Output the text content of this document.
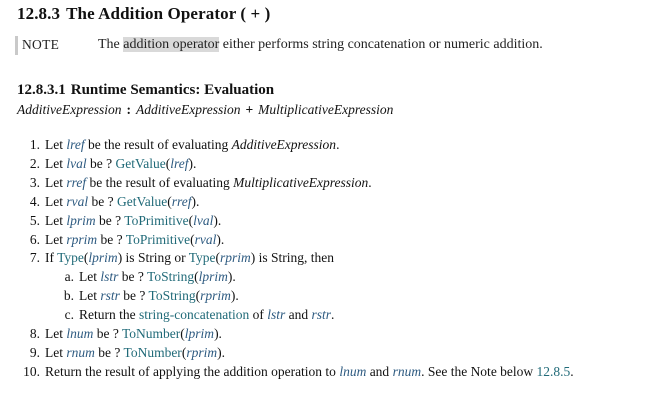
12.8.3 The Addition Operator ( + )
NOTE	The addition operator either performs string concatenation or numeric addition.
12.8.3.1 Runtime Semantics: Evaluation
AdditiveExpression : AdditiveExpression + MultiplicativeExpression
1. Let lref be the result of evaluating AdditiveExpression.
2. Let lval be ? GetValue(lref).
3. Let rref be the result of evaluating MultiplicativeExpression.
4. Let rval be ? GetValue(rref).
5. Let lprim be ? ToPrimitive(lval).
6. Let rprim be ? ToPrimitive(rval).
7. If Type(lprim) is String or Type(rprim) is String, then
a. Let lstr be ? ToString(lprim).
b. Let rstr be ? ToString(rprim).
c. Return the string-concatenation of lstr and rstr.
8. Let lnum be ? ToNumber(lprim).
9. Let rnum be ? ToNumber(rprim).
10. Return the result of applying the addition operation to lnum and rnum. See the Note below 12.8.5.
